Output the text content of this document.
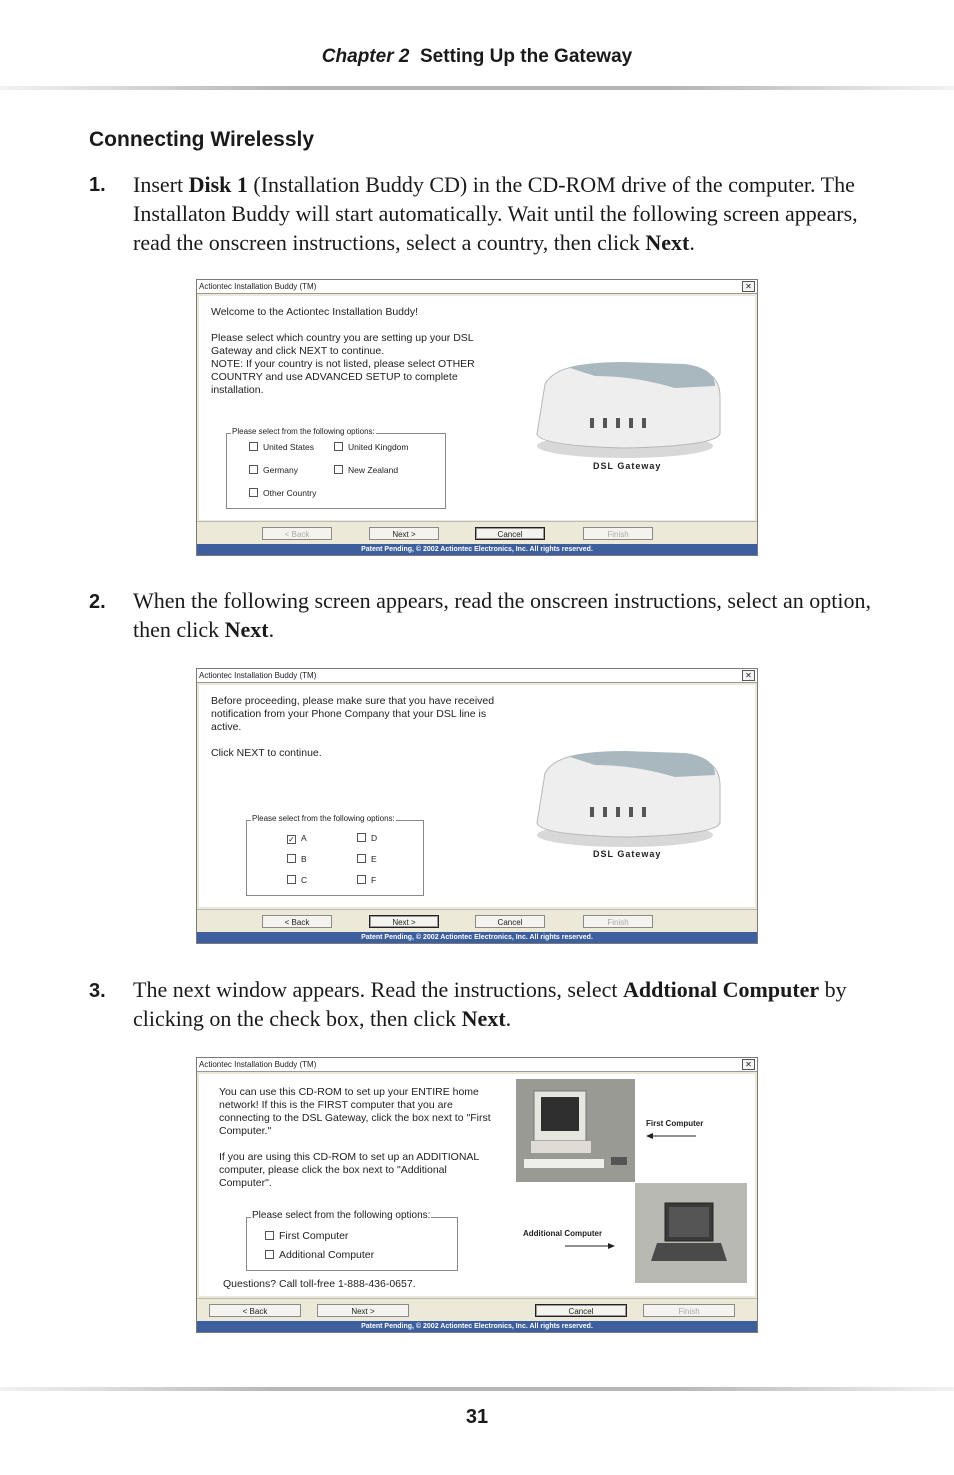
Chapter 2 Setting Up the Gateway
Connecting Wirelessly
1. Insert Disk 1 (Installation Buddy CD) in the CD-ROM drive of the computer. The Installaton Buddy will start automatically. Wait until the following screen appears, read the onscreen instructions, select a country, then click Next.
Actiontec Installation Buddy (TM)	✕
Welcome to the Actiontec Installation Buddy!

Please select which country you are setting up your DSL Gateway and click NEXT to continue.
NOTE: If your country is not listed, please select OTHER COUNTRY and use ADVANCED SETUP to complete installation.
Please select from the following options:
United States	United Kingdom
Germany	New Zealand
Other Country
DSL Gateway
< Back	Next >	Cancel	Finish
Patent Pending, © 2002 Actiontec Electronics, Inc. All rights reserved.
2. When the following screen appears, read the onscreen instructions, select an option, then click Next.
Actiontec Installation Buddy (TM)	✕
Before proceeding, please make sure that you have received notification from your Phone Company that your DSL line is active.

Click NEXT to continue.
Please select from the following options:
✓ A	D
B	E
C	F
DSL Gateway
< Back	Next >	Cancel	Finish
Patent Pending, © 2002 Actiontec Electronics, Inc. All rights reserved.
3. The next window appears. Read the instructions, select Addtional Computer by clicking on the check box, then click Next.
Actiontec Installation Buddy (TM)	✕
You can use this CD-ROM to set up your ENTIRE home network! If this is the FIRST computer that you are connecting to the DSL Gateway, click the box next to "First Computer."

If you are using this CD-ROM to set up an ADDITIONAL computer, please click the box next to "Additional Computer".
Please select from the following options:
First Computer
Additional Computer
Questions? Call toll-free 1-888-436-0657.
First Computer
Additional Computer
< Back	Next >	Cancel	Finish
Patent Pending, © 2002 Actiontec Electronics, Inc. All rights reserved.
31
